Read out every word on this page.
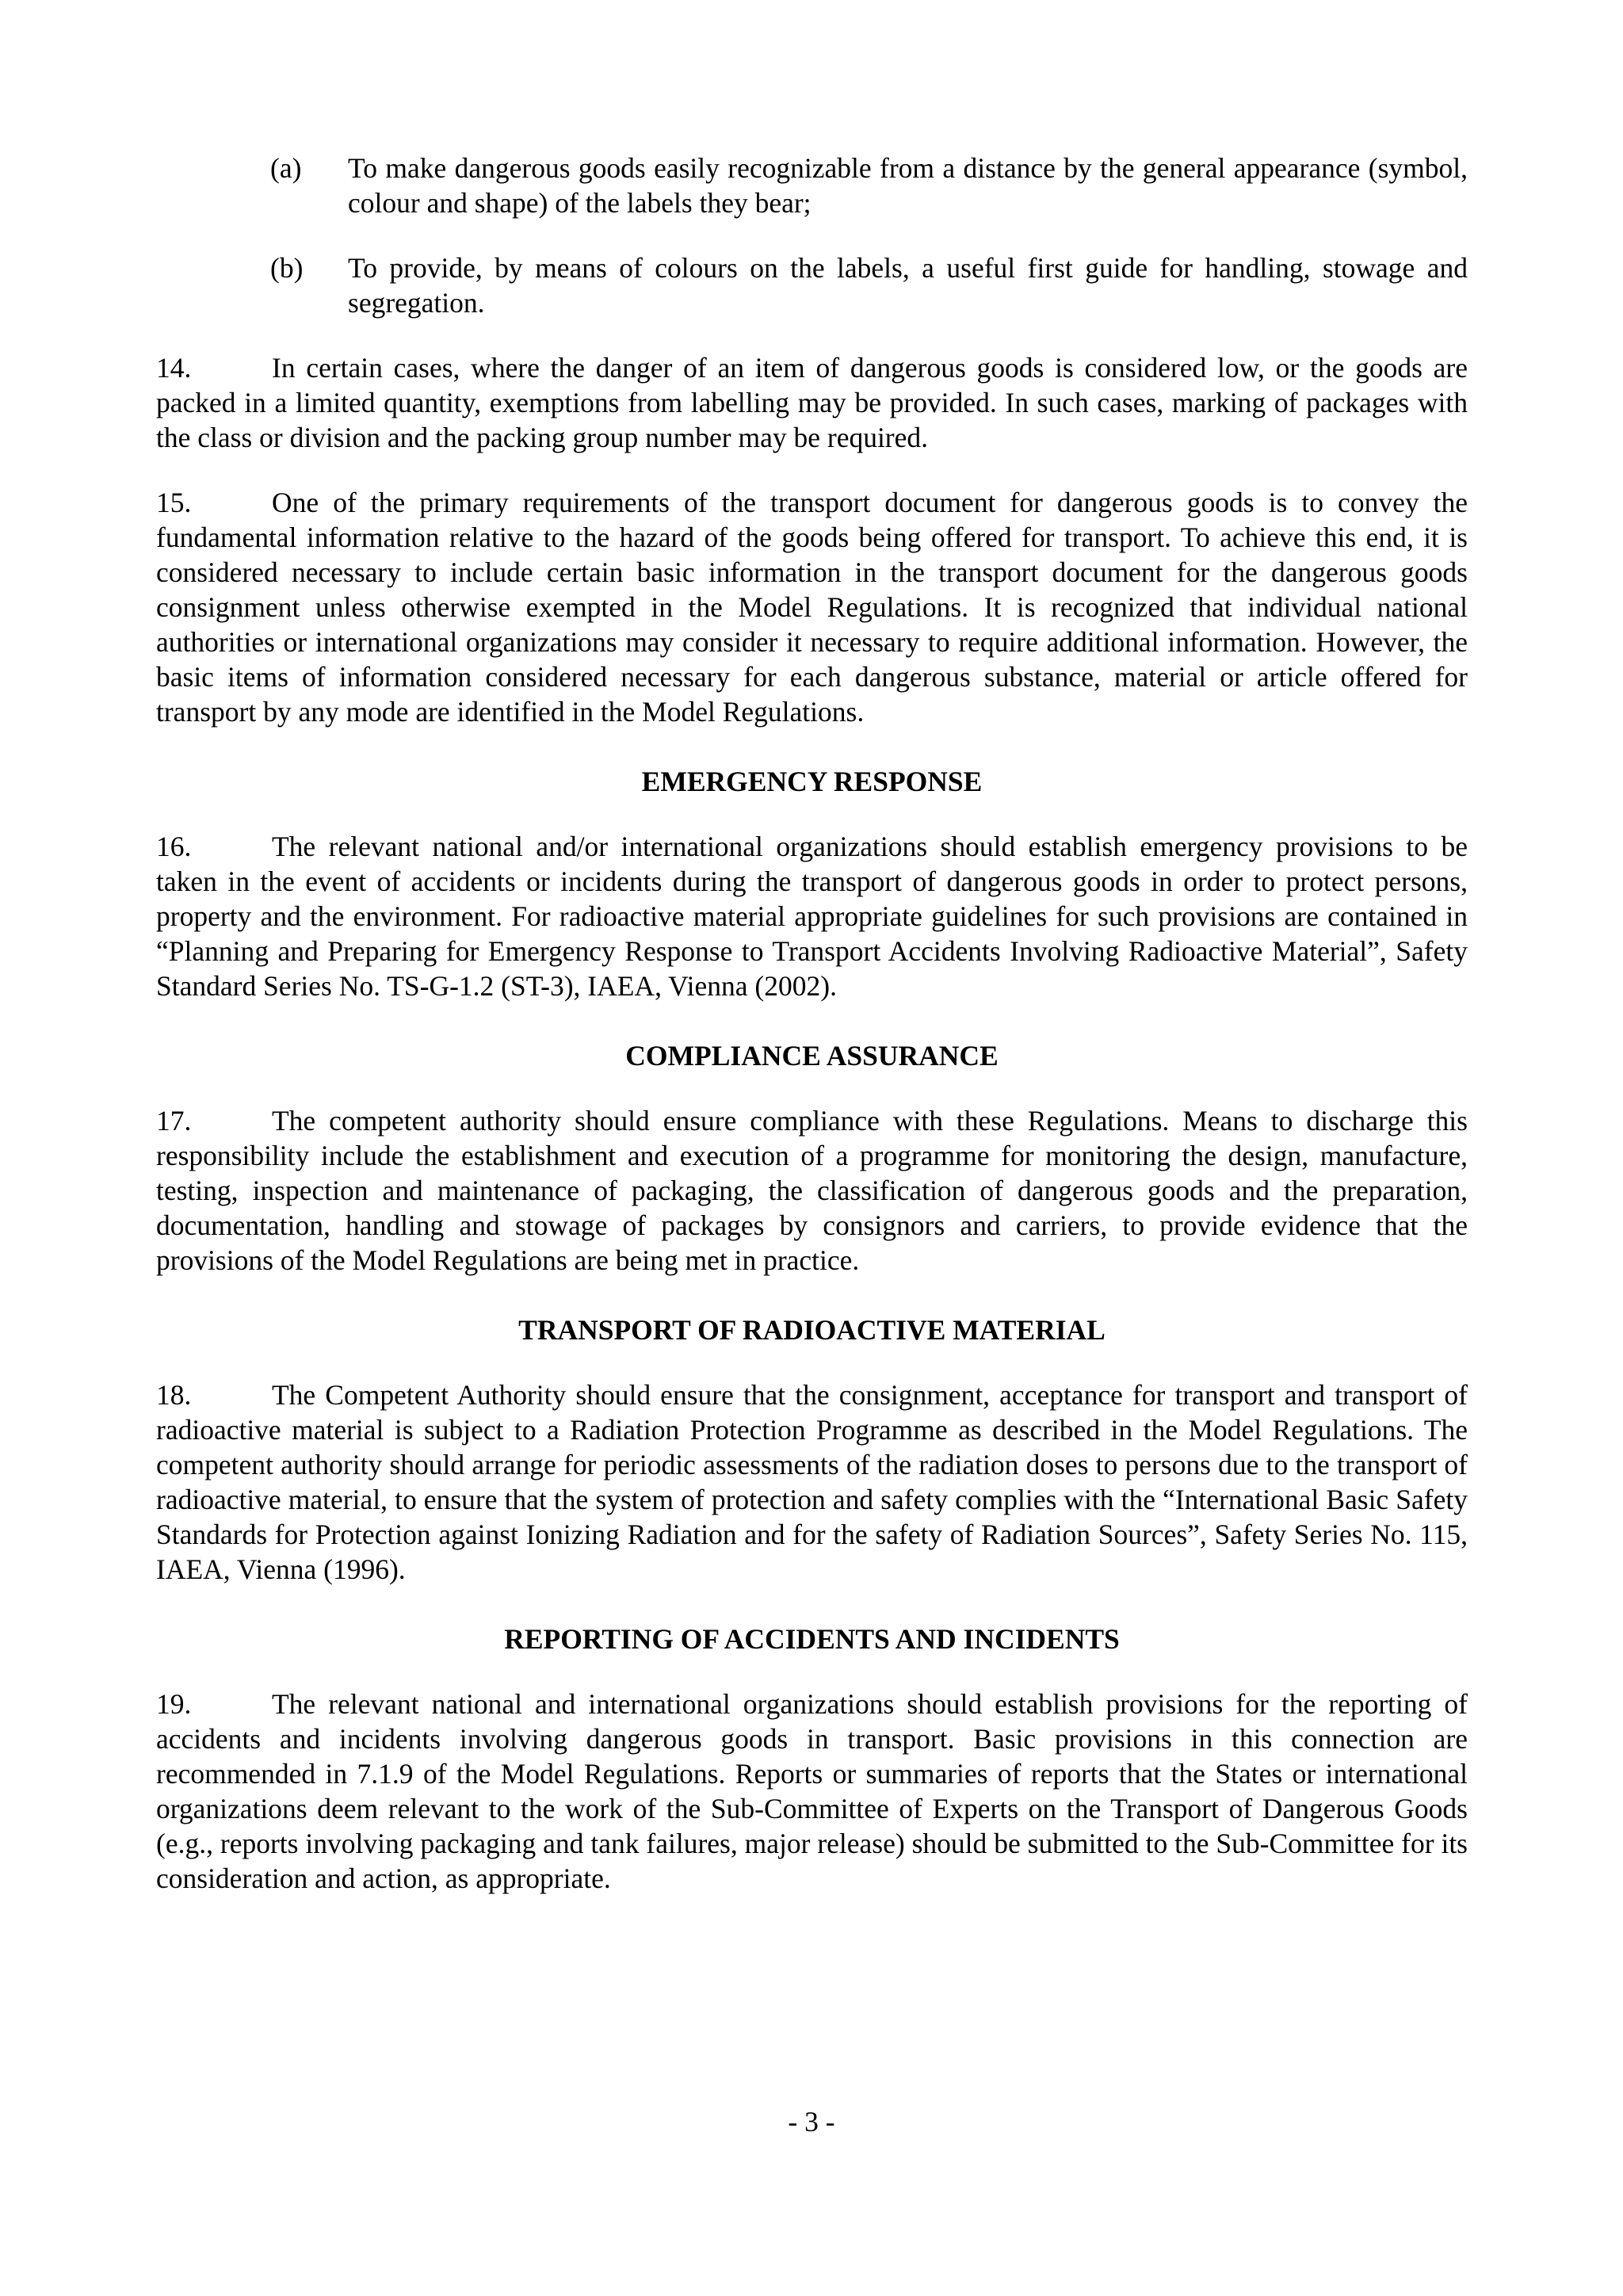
(a)	To make dangerous goods easily recognizable from a distance by the general appearance (symbol, colour and shape) of the labels they bear;
(b)	To provide, by means of colours on the labels, a useful first guide for handling, stowage and segregation.

14.	In certain cases, where the danger of an item of dangerous goods is considered low, or the goods are packed in a limited quantity, exemptions from labelling may be provided. In such cases, marking of packages with the class or division and the packing group number may be required.

15.	One of the primary requirements of the transport document for dangerous goods is to convey the fundamental information relative to the hazard of the goods being offered for transport. To achieve this end, it is considered necessary to include certain basic information in the transport document for the dangerous goods consignment unless otherwise exempted in the Model Regulations. It is recognized that individual national authorities or international organizations may consider it necessary to require additional information. However, the basic items of information considered necessary for each dangerous substance, material or article offered for transport by any mode are identified in the Model Regulations.

EMERGENCY RESPONSE

16.	The relevant national and/or international organizations should establish emergency provisions to be taken in the event of accidents or incidents during the transport of dangerous goods in order to protect persons, property and the environment. For radioactive material appropriate guidelines for such provisions are contained in “Planning and Preparing for Emergency Response to Transport Accidents Involving Radioactive Material”, Safety Standard Series No. TS-G-1.2 (ST-3), IAEA, Vienna (2002).

COMPLIANCE ASSURANCE

17.	The competent authority should ensure compliance with these Regulations. Means to discharge this responsibility include the establishment and execution of a programme for monitoring the design, manufacture, testing, inspection and maintenance of packaging, the classification of dangerous goods and the preparation, documentation, handling and stowage of packages by consignors and carriers, to provide evidence that the provisions of the Model Regulations are being met in practice.

TRANSPORT OF RADIOACTIVE MATERIAL

18.	The Competent Authority should ensure that the consignment, acceptance for transport and transport of radioactive material is subject to a Radiation Protection Programme as described in the Model Regulations. The competent authority should arrange for periodic assessments of the radiation doses to persons due to the transport of radioactive material, to ensure that the system of protection and safety complies with the “International Basic Safety Standards for Protection against Ionizing Radiation and for the safety of Radiation Sources”, Safety Series No. 115, IAEA, Vienna (1996).

REPORTING OF ACCIDENTS AND INCIDENTS

19.	The relevant national and international organizations should establish provisions for the reporting of accidents and incidents involving dangerous goods in transport. Basic provisions in this connection are recommended in 7.1.9 of the Model Regulations. Reports or summaries of reports that the States or international organizations deem relevant to the work of the Sub-Committee of Experts on the Transport of Dangerous Goods (e.g., reports involving packaging and tank failures, major release) should be submitted to the Sub-Committee for its consideration and action, as appropriate.

- 3 -
